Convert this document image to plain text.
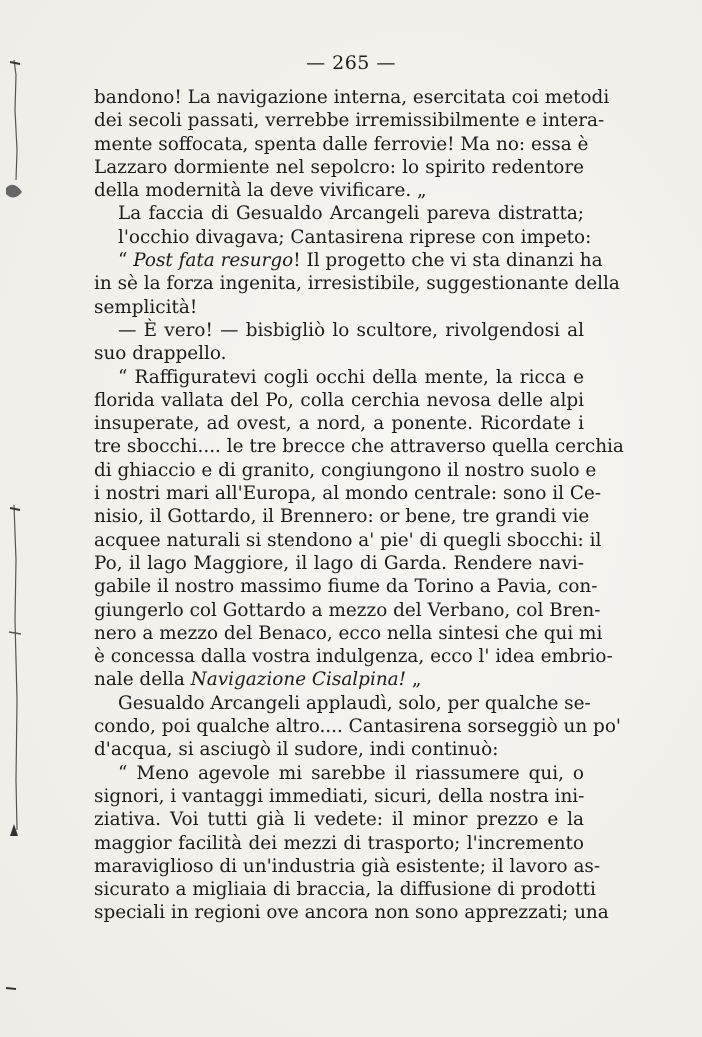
— 265 —
bandono! La navigazione interna, esercitata coi metodi
dei secoli passati, verrebbe irremissibilmente e intera-
mente soffocata, spenta dalle ferrovie! Ma no: essa è
Lazzaro dormiente nel sepolcro: lo spirito redentore
della modernità la deve vivificare. „
La faccia di Gesualdo Arcangeli pareva distratta;
l'occhio divagava; Cantasirena riprese con impeto:
“ Post fata resurgo! Il progetto che vi sta dinanzi ha
in sè la forza ingenita, irresistibile, suggestionante della
semplicità!
— È vero! — bisbigliò lo scultore, rivolgendosi al
suo drappello.
“ Raffiguratevi cogli occhi della mente, la ricca e
florida vallata del Po, colla cerchia nevosa delle alpi
insuperate, ad ovest, a nord, a ponente. Ricordate i
tre sbocchi.... le tre brecce che attraverso quella cerchia
di ghiaccio e di granito, congiungono il nostro suolo e
i nostri mari all'Europa, al mondo centrale: sono il Ce-
nisio, il Gottardo, il Brennero: or bene, tre grandi vie
acquee naturali si stendono a' pie' di quegli sbocchi: il
Po, il lago Maggiore, il lago di Garda. Rendere navi-
gabile il nostro massimo fiume da Torino a Pavia, con-
giungerlo col Gottardo a mezzo del Verbano, col Bren-
nero a mezzo del Benaco, ecco nella sintesi che qui mi
è concessa dalla vostra indulgenza, ecco l' idea embrio-
nale della Navigazione Cisalpina! „
Gesualdo Arcangeli applaudì, solo, per qualche se-
condo, poi qualche altro.... Cantasirena sorseggiò un po'
d'acqua, si asciugò il sudore, indi continuò:
“ Meno agevole mi sarebbe il riassumere qui, o
signori, i vantaggi immediati, sicuri, della nostra ini-
ziativa. Voi tutti già li vedete: il minor prezzo e la
maggior facilità dei mezzi di trasporto; l'incremento
maraviglioso di un'industria già esistente; il lavoro as-
sicurato a migliaia di braccia, la diffusione di prodotti
speciali in regioni ove ancora non sono apprezzati; una
